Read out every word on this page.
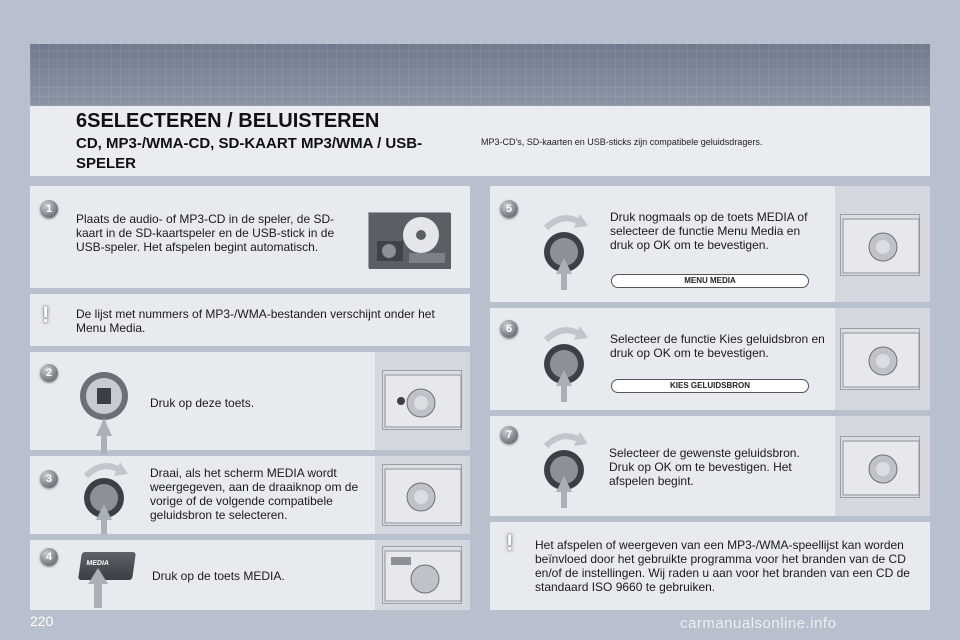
6SELECTEREN / BELUISTEREN
CD, MP3-/WMA-CD, SD-KAART MP3/WMA / USB-SPELER
MP3-CD's, SD-kaarten en USB-sticks zijn compatibele geluidsdragers.
1
Plaats de audio- of MP3-CD in de speler, de SD-kaart in de SD-kaartspeler en de USB-stick in de USB-speler. Het afspelen begint automatisch.
! De lijst met nummers of MP3-/WMA-bestanden verschijnt onder het Menu Media.
2
Druk op deze toets.
3	Draai, als het scherm MEDIA wordt weergegeven, aan de draaiknop om de vorige of de volgende compatibele geluidsbron te selecteren.
4
MEDIA
Druk op de toets MEDIA.
5
Druk nogmaals op de toets MEDIA of selecteer de functie Menu Media en druk op OK om te bevestigen.
MENU MEDIA
6
Selecteer de functie Kies geluidsbron en druk op OK om te bevestigen.
KIES GELUIDSBRON
7
Selecteer de gewenste geluidsbron. Druk op OK om te bevestigen. Het afspelen begint.
! Het afspelen of weergeven van een MP3-/WMA-speellijst kan worden beïnvloed door het gebruikte programma voor het branden van de CD en/of de instellingen. Wij raden u aan voor het branden van een CD de standaard ISO 9660 te gebruiken.
220	carmanualsonline.info
